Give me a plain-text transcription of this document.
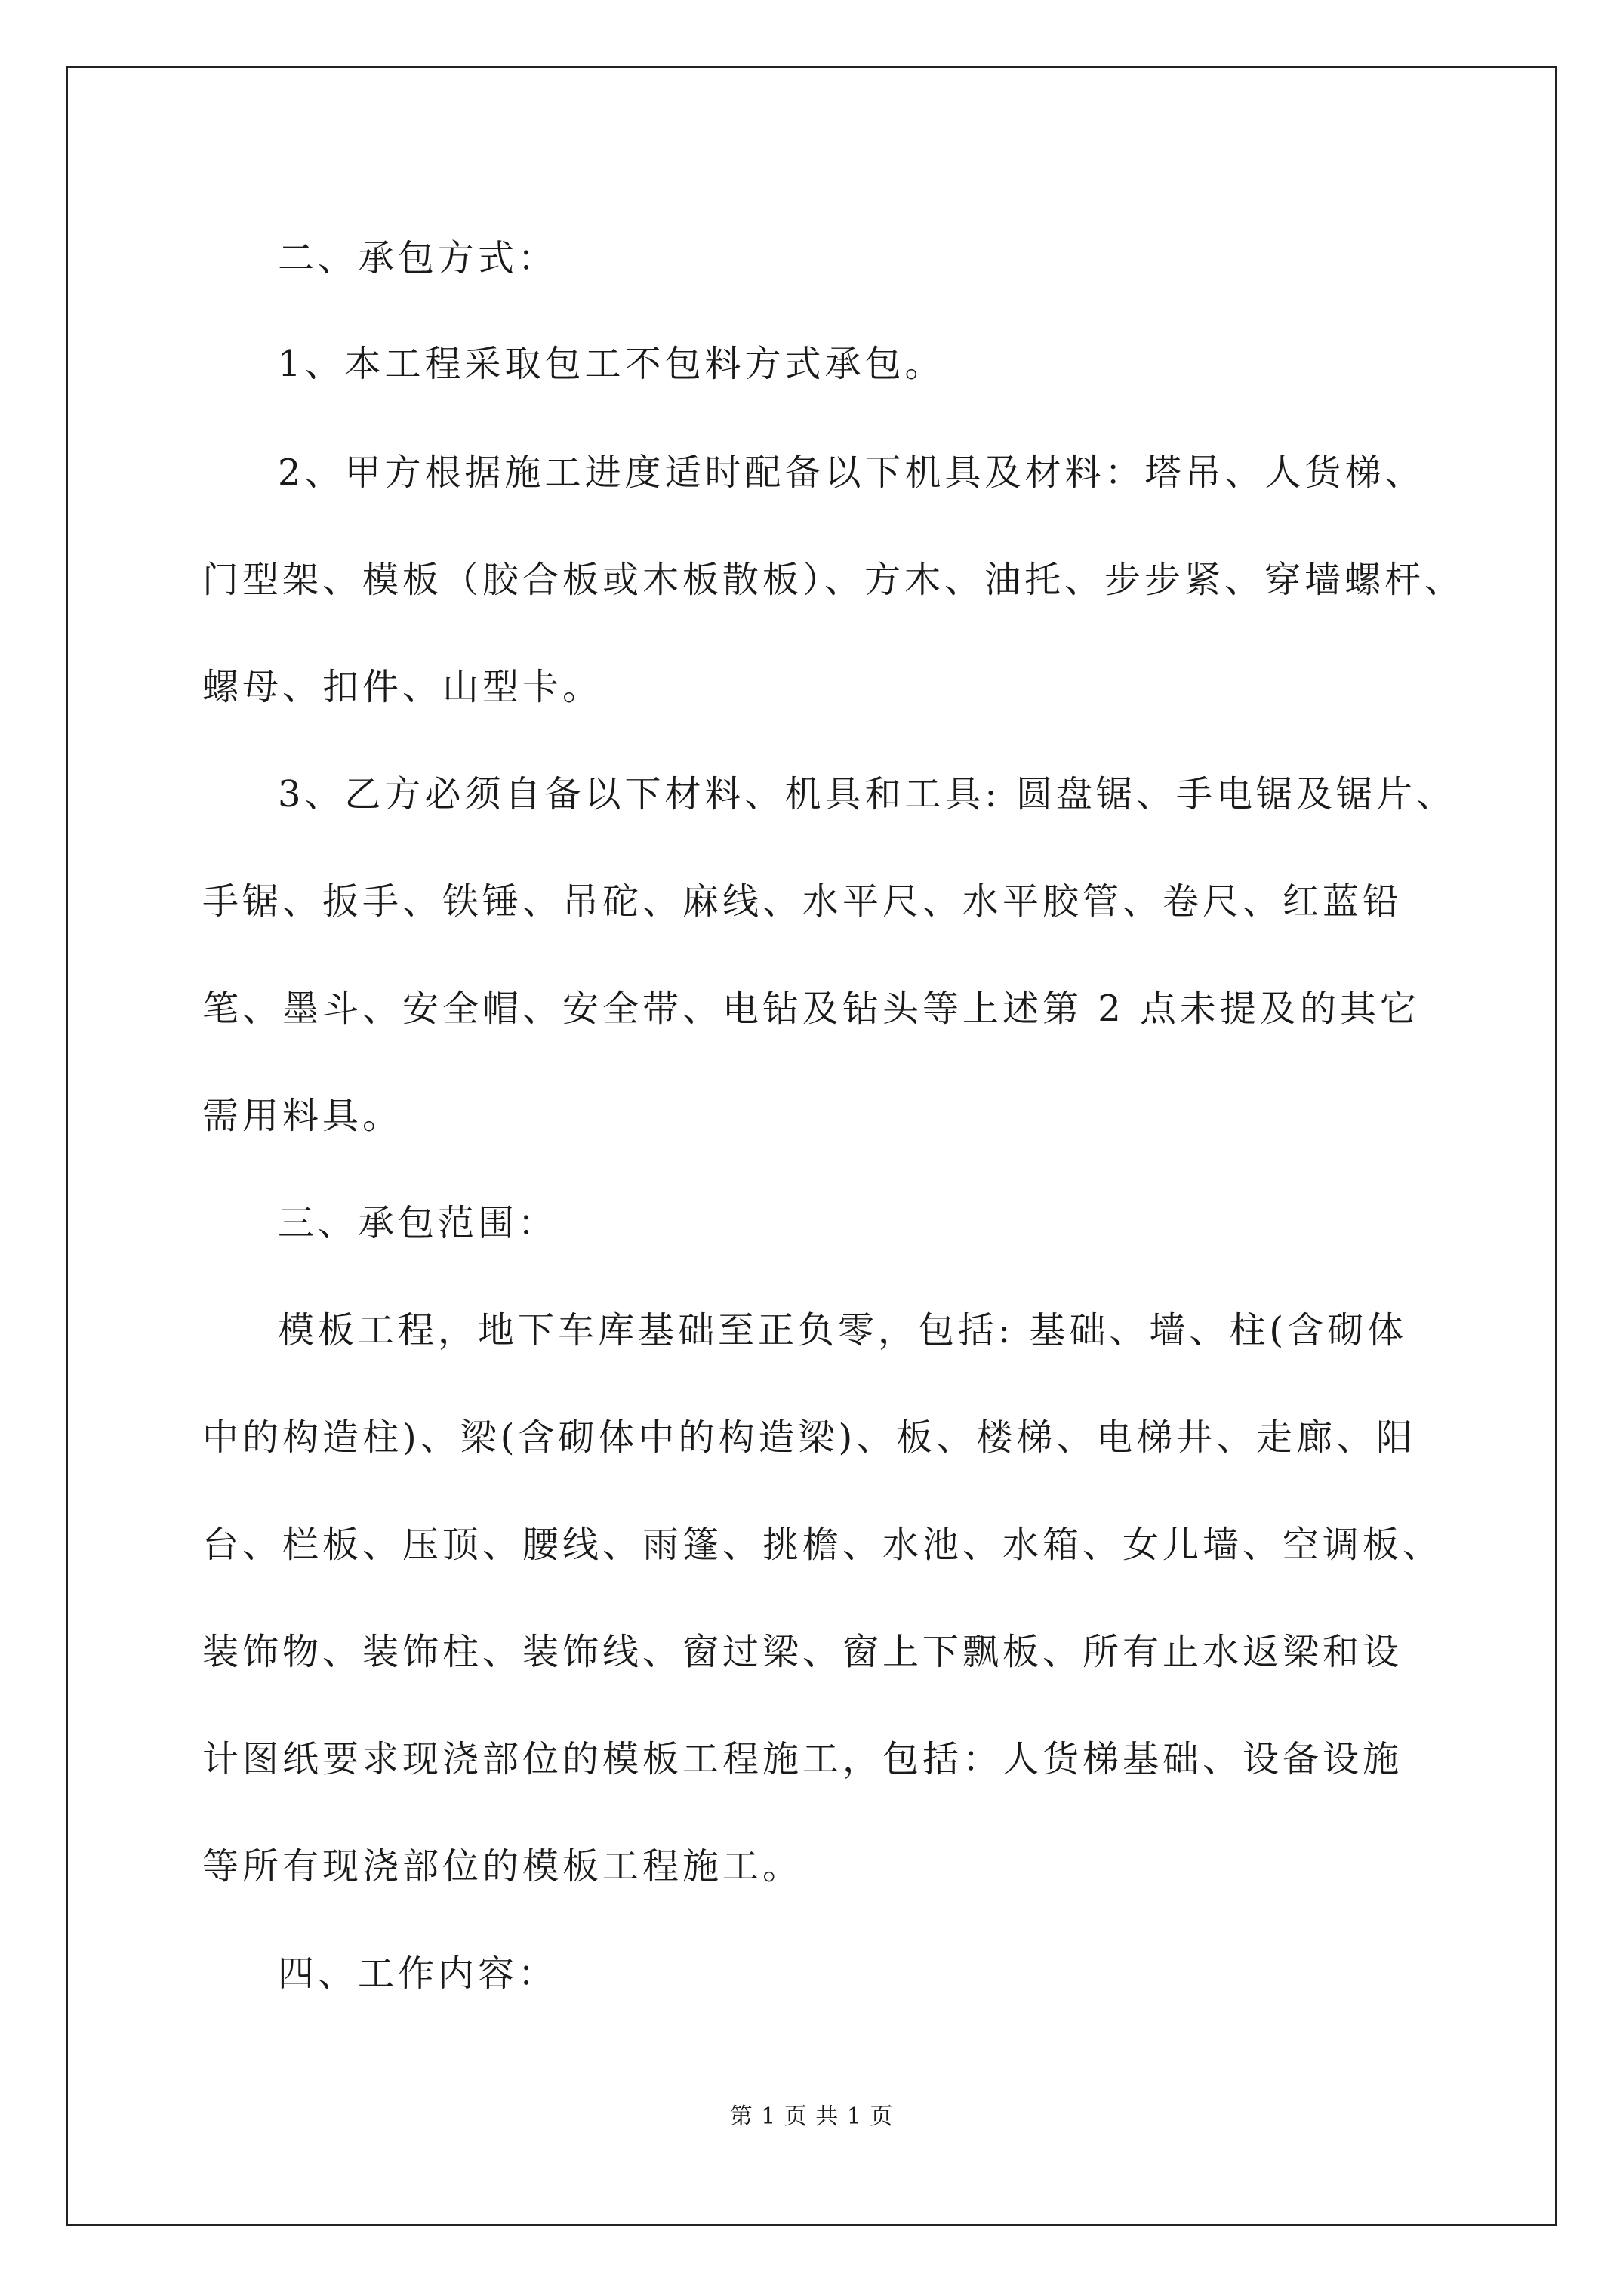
二、承包方式：
1、本工程采取包工不包料方式承包。
2、甲方根据施工进度适时配备以下机具及材料：塔吊、人货梯、
门型架、模板（胶合板或木板散板）、方木、油托、步步紧、穿墙螺杆、
螺母、扣件、山型卡。
3、乙方必须自备以下材料、机具和工具: 圆盘锯、手电锯及锯片、
手锯、扳手、铁锤、吊砣、麻线、水平尺、水平胶管、卷尺、红蓝铅
笔、墨斗、安全帽、安全带、电钻及钻头等上述第 2 点未提及的其它
需用料具。
三、承包范围：
模板工程，地下车库基础至正负零，包括: 基础、墙、柱(含砌体
中的构造柱)、梁(含砌体中的构造梁)、板、楼梯、电梯井、走廊、阳
台、栏板、压顶、腰线、雨篷、挑檐、水池、水箱、女儿墙、空调板、
装饰物、装饰柱、装饰线、窗过梁、窗上下飘板、所有止水返梁和设
计图纸要求现浇部位的模板工程施工，包括：人货梯基础、设备设施
等所有现浇部位的模板工程施工。
四、工作内容：
第 1 页 共 1 页
